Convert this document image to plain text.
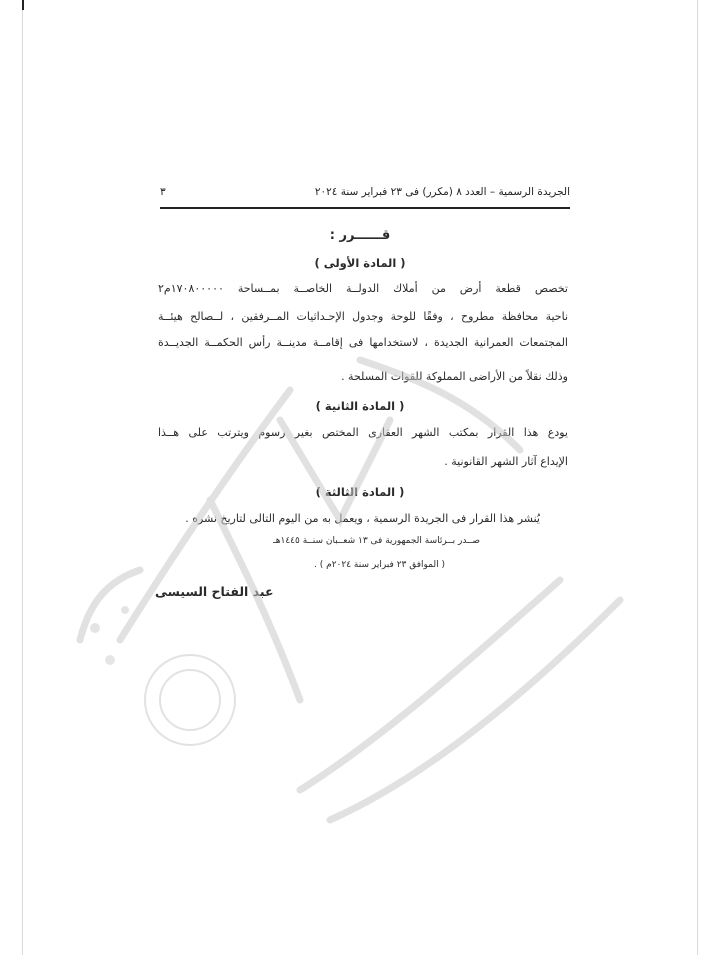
٣	الجريدة الرسمية – العدد ٨ (مكرر) فى ٢٣ فبراير سنة ٢٠٢٤
قــــــرر :
( المادة الأولى )
تخصص قطعة أرض من أملاك الدولــة الخاصــة بمــساحة ١٧٠٨٠٠٠٠٠م٢
ناحية محافظة مطروح ، وفقًا للوحة وجدول الإحـداثيات المــرفقين ، لــصالح هيئــة
المجتمعات العمرانية الجديدة ، لاستخدامها فى إقامــة مدينــة رأس الحكمــة الجديــدة
وذلك نقلاً من الأراضى المملوكة للقوات المسلحة .
( المادة الثانية )
يودع هذا القرار بمكتب الشهر العقارى المختص بغير رسوم ويترتب على هــذا
الإيداع آثار الشهر القانونية .
( المادة الثالثة )
يُنشر هذا القرار فى الجريدة الرسمية ، ويعمل به من اليوم التالى لتاريخ نشره .
صــدر بــرئاسة الجمهورية فى ١٣ شعــبان سنــة ١٤٤٥هـ
( الموافق ٢٣ فبراير سنة ٢٠٢٤م ) .
عبد الفتاح السيسى
